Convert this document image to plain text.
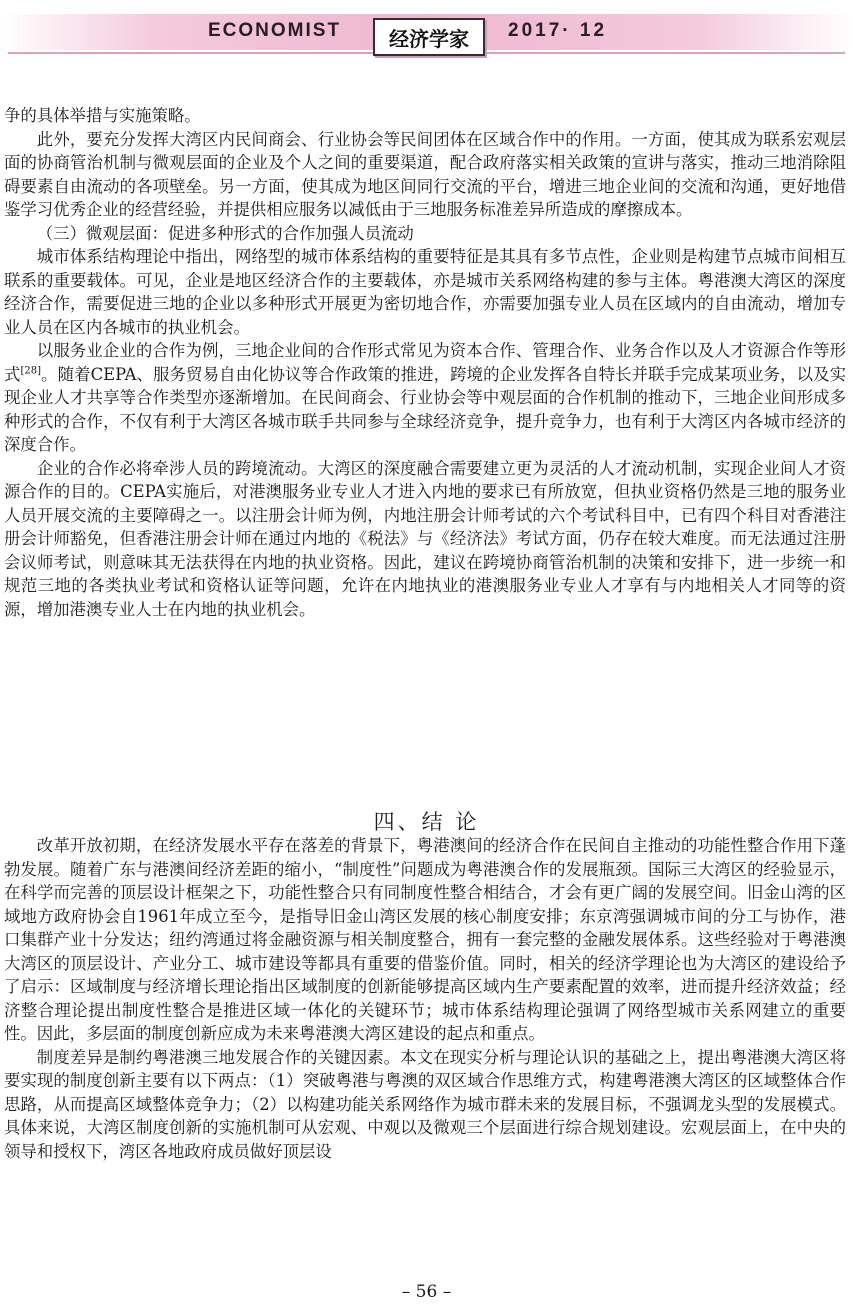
ECONOMIST	经济学家	2017· 12

争的具体举措与实施策略。

此外，要充分发挥大湾区内民间商会、行业协会等民间团体在区域合作中的作用。一方面，使其成为联系宏观层面的协商管治机制与微观层面的企业及个人之间的重要渠道，配合政府落实相关政策的宣讲与落实，推动三地消除阻碍要素自由流动的各项壁垒。另一方面，使其成为地区间同行交流的平台，增进三地企业间的交流和沟通，更好地借鉴学习优秀企业的经营经验，并提供相应服务以减低由于三地服务标准差异所造成的摩擦成本。

（三）微观层面：促进多种形式的合作加强人员流动

城市体系结构理论中指出，网络型的城市体系结构的重要特征是其具有多节点性，企业则是构建节点城市间相互联系的重要载体。可见，企业是地区经济合作的主要载体，亦是城市关系网络构建的参与主体。粤港澳大湾区的深度经济合作，需要促进三地的企业以多种形式开展更为密切地合作，亦需要加强专业人员在区域内的自由流动，增加专业人员在区内各城市的执业机会。

以服务业企业的合作为例，三地企业间的合作形式常见为资本合作、管理合作、业务合作以及人才资源合作等形式[28]。随着CEPA、服务贸易自由化协议等合作政策的推进，跨境的企业发挥各自特长并联手完成某项业务，以及实现企业人才共享等合作类型亦逐渐增加。在民间商会、行业协会等中观层面的合作机制的推动下，三地企业间形成多种形式的合作，不仅有利于大湾区各城市联手共同参与全球经济竞争，提升竞争力，也有利于大湾区内各城市经济的深度合作。

企业的合作必将牵涉人员的跨境流动。大湾区的深度融合需要建立更为灵活的人才流动机制，实现企业间人才资源合作的目的。CEPA实施后，对港澳服务业专业人才进入内地的要求已有所放宽，但执业资格仍然是三地的服务业人员开展交流的主要障碍之一。以注册会计师为例，内地注册会计师考试的六个考试科目中，已有四个科目对香港注册会计师豁免，但香港注册会计师在通过内地的《税法》与《经济法》考试方面，仍存在较大难度。而无法通过注册会议师考试，则意味其无法获得在内地的执业资格。因此，建议在跨境协商管治机制的决策和安排下，进一步统一和规范三地的各类执业考试和资格认证等问题，允许在内地执业的港澳服务业专业人才享有与内地相关人才同等的资源，增加港澳专业人士在内地的执业机会。

四、结 论

改革开放初期，在经济发展水平存在落差的背景下，粤港澳间的经济合作在民间自主推动的功能性整合作用下蓬勃发展。随着广东与港澳间经济差距的缩小，“制度性”问题成为粤港澳合作的发展瓶颈。国际三大湾区的经验显示，在科学而完善的顶层设计框架之下，功能性整合只有同制度性整合相结合，才会有更广阔的发展空间。旧金山湾的区域地方政府协会自1961年成立至今，是指导旧金山湾区发展的核心制度安排；东京湾强调城市间的分工与协作，港口集群产业十分发达；纽约湾通过将金融资源与相关制度整合，拥有一套完整的金融发展体系。这些经验对于粤港澳大湾区的顶层设计、产业分工、城市建设等都具有重要的借鉴价值。同时，相关的经济学理论也为大湾区的建设给予了启示：区域制度与经济增长理论指出区域制度的创新能够提高区域内生产要素配置的效率，进而提升经济效益；经济整合理论提出制度性整合是推进区域一体化的关键环节；城市体系结构理论强调了网络型城市关系网建立的重要性。因此，多层面的制度创新应成为未来粤港澳大湾区建设的起点和重点。

制度差异是制约粤港澳三地发展合作的关键因素。本文在现实分析与理论认识的基础之上，提出粤港澳大湾区将要实现的制度创新主要有以下两点：（1）突破粤港与粤澳的双区域合作思维方式，构建粤港澳大湾区的区域整体合作思路，从而提高区域整体竞争力；（2）以构建功能关系网络作为城市群未来的发展目标，不强调龙头型的发展模式。具体来说，大湾区制度创新的实施机制可从宏观、中观以及微观三个层面进行综合规划建设。宏观层面上，在中央的领导和授权下，湾区各地政府成员做好顶层设

– 56 –
